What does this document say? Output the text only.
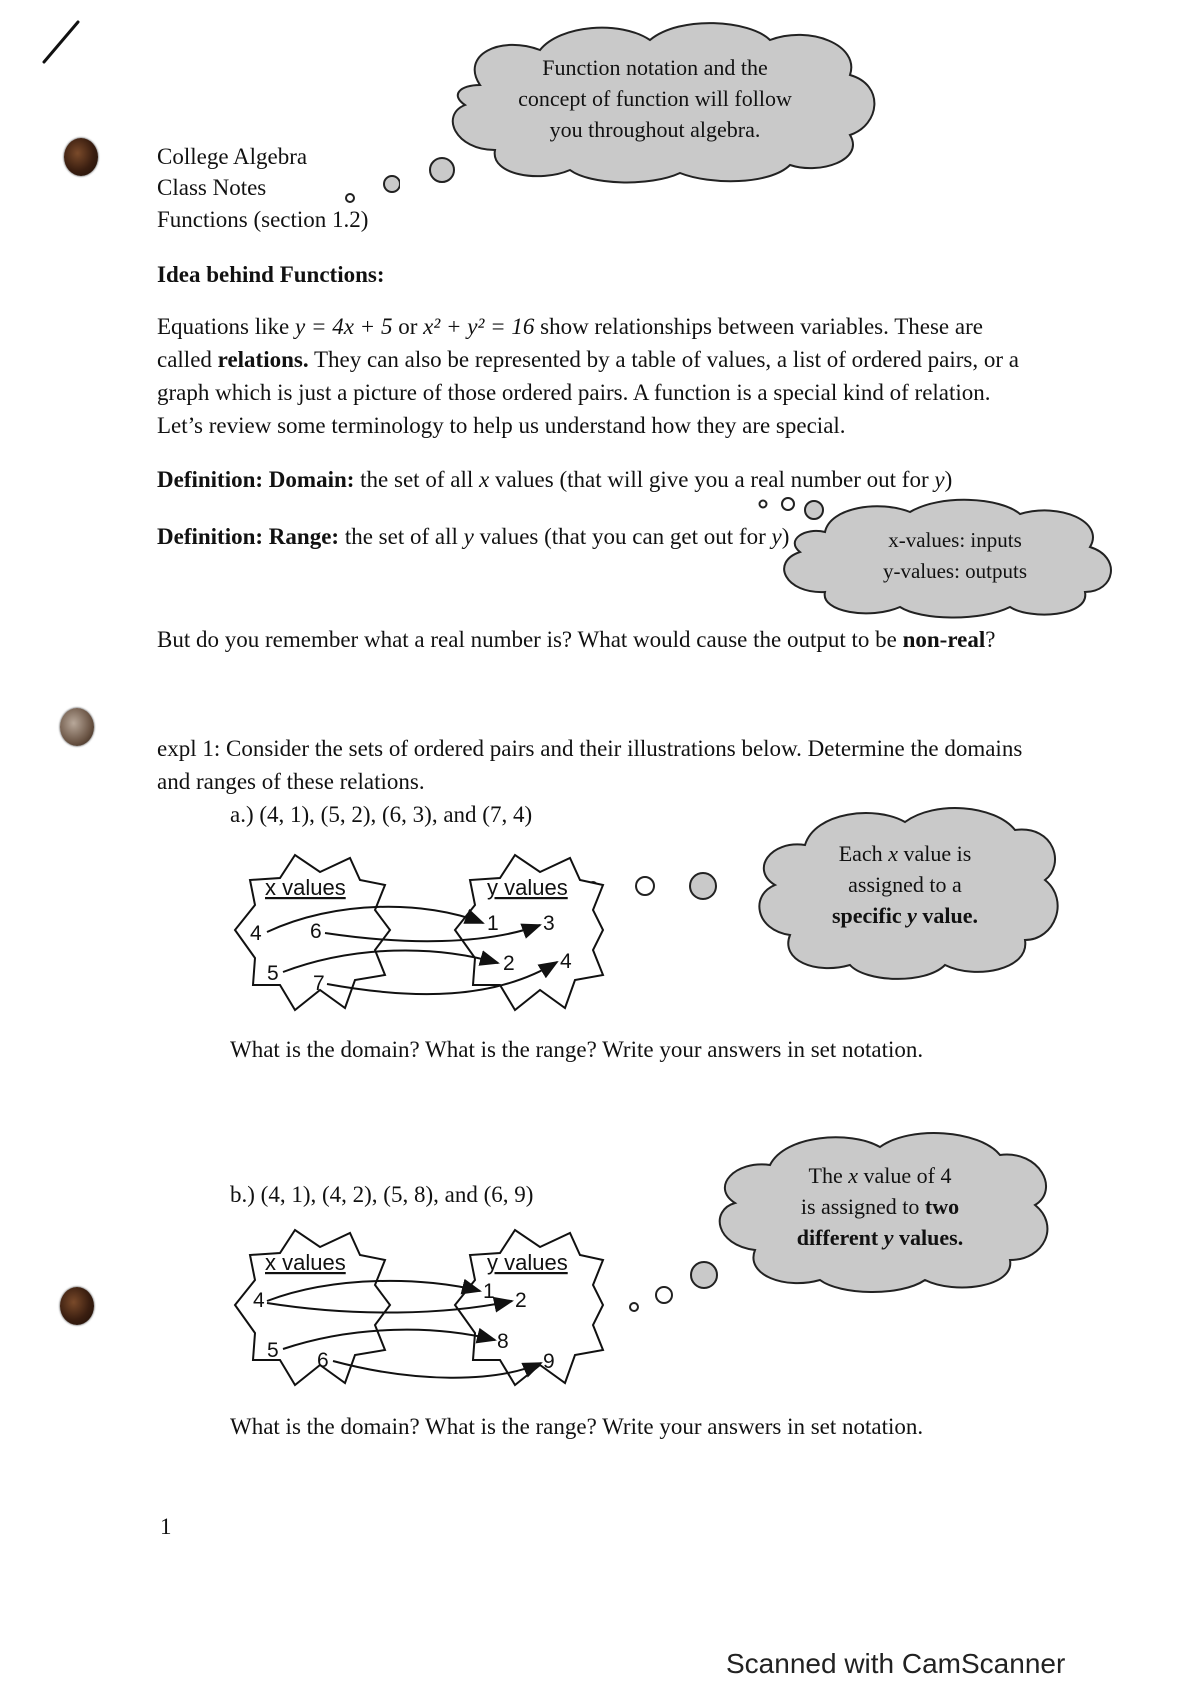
Function notation and the
concept of function will follow
you throughout algebra.
College Algebra
Class Notes
Functions (section 1.2)
Idea behind Functions:
Equations like y = 4x + 5 or x² + y² = 16 show relationships between variables. These are called relations. They can also be represented by a table of values, a list of ordered pairs, or a graph which is just a picture of those ordered pairs. A function is a special kind of relation. Let’s review some terminology to help us understand how they are special.
Definition: Domain: the set of all x values (that will give you a real number out for y)
Definition: Range: the set of all y values (that you can get out for y)	x-values: inputs
y-values: outputs
But do you remember what a real number is? What would cause the output to be non-real?
expl 1: Consider the sets of ordered pairs and their illustrations below. Determine the domains and ranges of these relations.
a.) (4, 1), (5, 2), (6, 3), and (7, 4)
Each x value is
assigned to a
specific y value.
x values	y values
4 6
5 7
1 3
2 4
What is the domain? What is the range? Write your answers in set notation.
b.) (4, 1), (4, 2), (5, 8), and (6, 9)
The x value of 4
is assigned to two
different y values.
x values	y values
4
5 6
1 2
8
9
What is the domain? What is the range? Write your answers in set notation.
1
Scanned with CamScanner
